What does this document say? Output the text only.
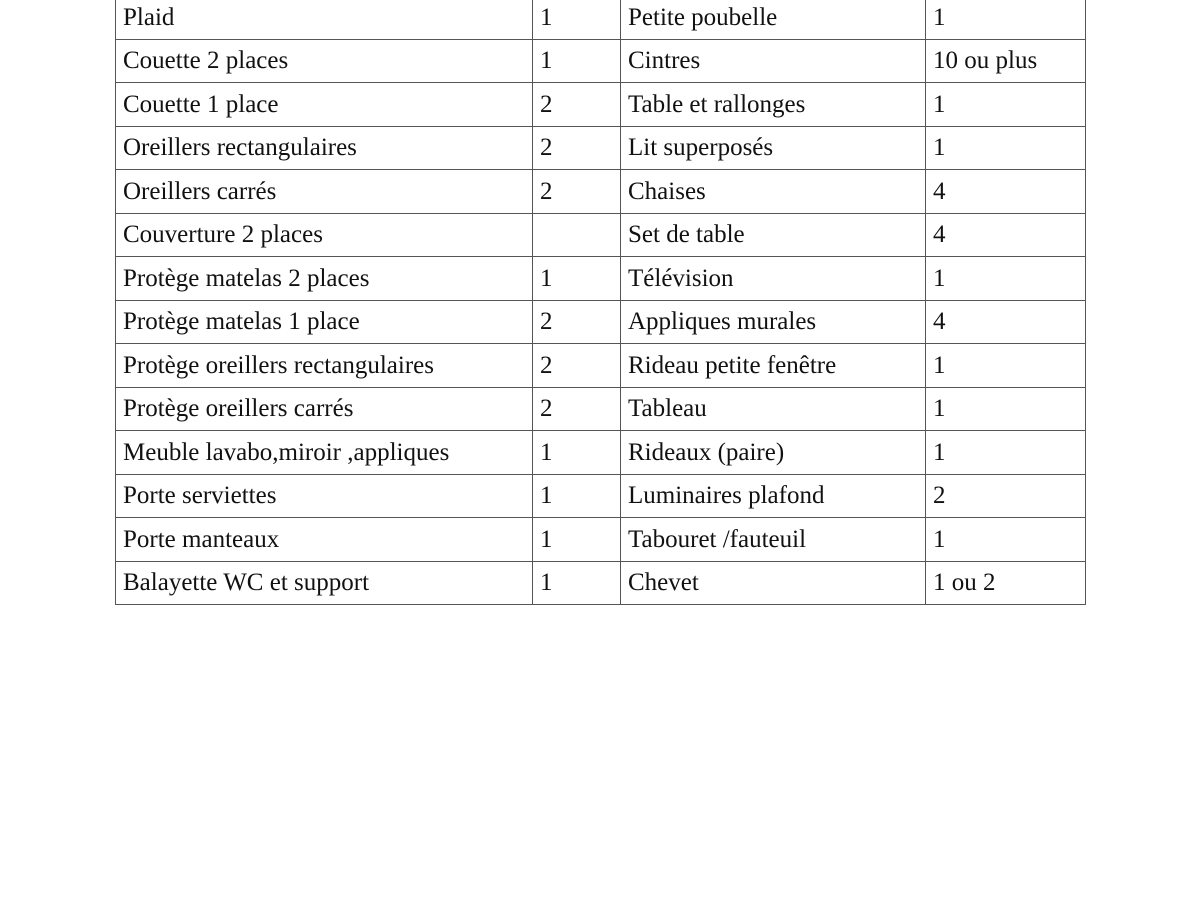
Plaid	1	Petite poubelle	1
Couette 2 places	1	Cintres	10 ou plus
Couette 1 place	2	Table et rallonges	1
Oreillers rectangulaires	2	Lit superposés	1
Oreillers carrés	2	Chaises	4
Couverture 2 places		Set de table	4
Protège matelas 2 places	1	Télévision	1
Protège matelas 1 place	2	Appliques murales	4
Protège oreillers rectangulaires	2	Rideau petite fenêtre	1
Protège oreillers carrés	2	Tableau	1
Meuble lavabo,miroir ,appliques	1	Rideaux (paire)	1
Porte serviettes	1	Luminaires plafond	2
Porte manteaux	1	Tabouret /fauteuil	1
Balayette WC et support	1	Chevet	1 ou 2
